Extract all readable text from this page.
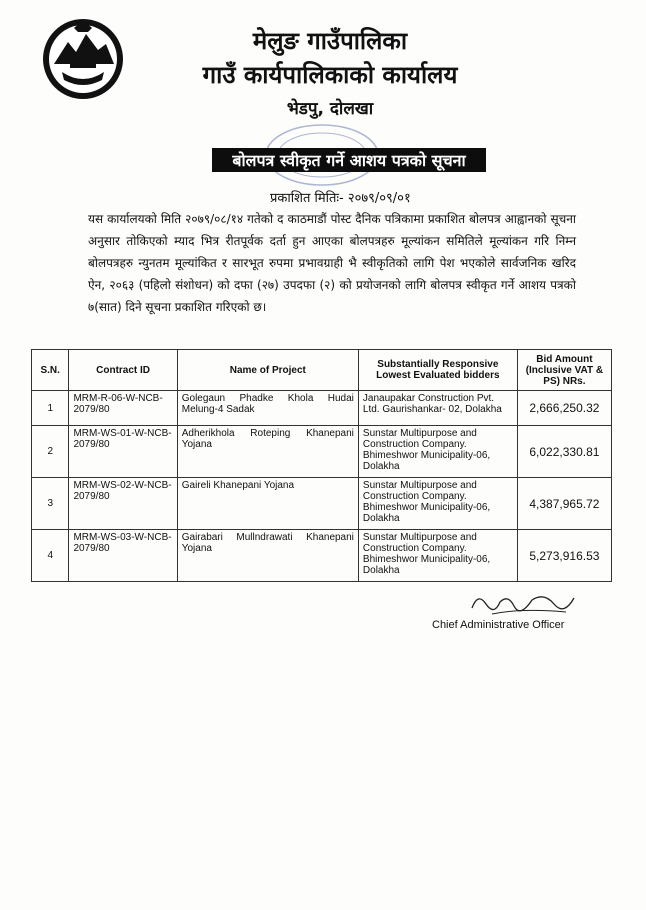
मेलुङ गाउँपालिका
गाउँ कार्यपालिकाको कार्यालय
भेडपु, दोलखा
बोलपत्र स्वीकृत गर्ने आशय पत्रको सूचना
प्रकाशित मितिः- २०७९/०९/०१
यस कार्यालयको मिति २०७९/०८/१४ गतेको द काठमाडौं पोस्ट दैनिक पत्रिकामा प्रकाशित बोलपत्र आह्वानको सूचना अनुसार तोकिएको म्याद भित्र रीतपूर्वक दर्ता हुन आएका बोलपत्रहरु मूल्यांकन समितिले मूल्यांकन गरि निम्न बोलपत्रहरु न्युनतम मूल्यांकित र सारभूत रुपमा प्रभावग्राही भै स्वीकृतिको लागि पेश भएकोले सार्वजनिक खरिद ऐन, २०६३ (पहिलो संशोधन) को दफा (२७) उपदफा (२) को प्रयोजनको लागि बोलपत्र स्वीकृत गर्ने आशय पत्रको ७(सात) दिने सूचना प्रकाशित गरिएको छ।
S.N.	Contract ID	Name of Project	Substantially Responsive Lowest Evaluated bidders	Bid Amount (Inclusive VAT & PS) NRs.
1	MRM-R-06-W-NCB-2079/80	Golegaun Phadke Khola Hudai Melung-4 Sadak	Janaupakar Construction Pvt. Ltd. Gaurishankar- 02, Dolakha	2,666,250.32
2	MRM-WS-01-W-NCB-2079/80	Adherikhola Roteping Khanepani Yojana	Sunstar Multipurpose and Construction Company. Bhimeshwor Municipality-06, Dolakha	6,022,330.81
3	MRM-WS-02-W-NCB-2079/80	Gaireli Khanepani Yojana	Sunstar Multipurpose and Construction Company. Bhimeshwor Municipality-06, Dolakha	4,387,965.72
4	MRM-WS-03-W-NCB-2079/80	Gairabari Mullndrawati Khanepani Yojana	Sunstar Multipurpose and Construction Company. Bhimeshwor Municipality-06, Dolakha	5,273,916.53
Chief Administrative Officer
